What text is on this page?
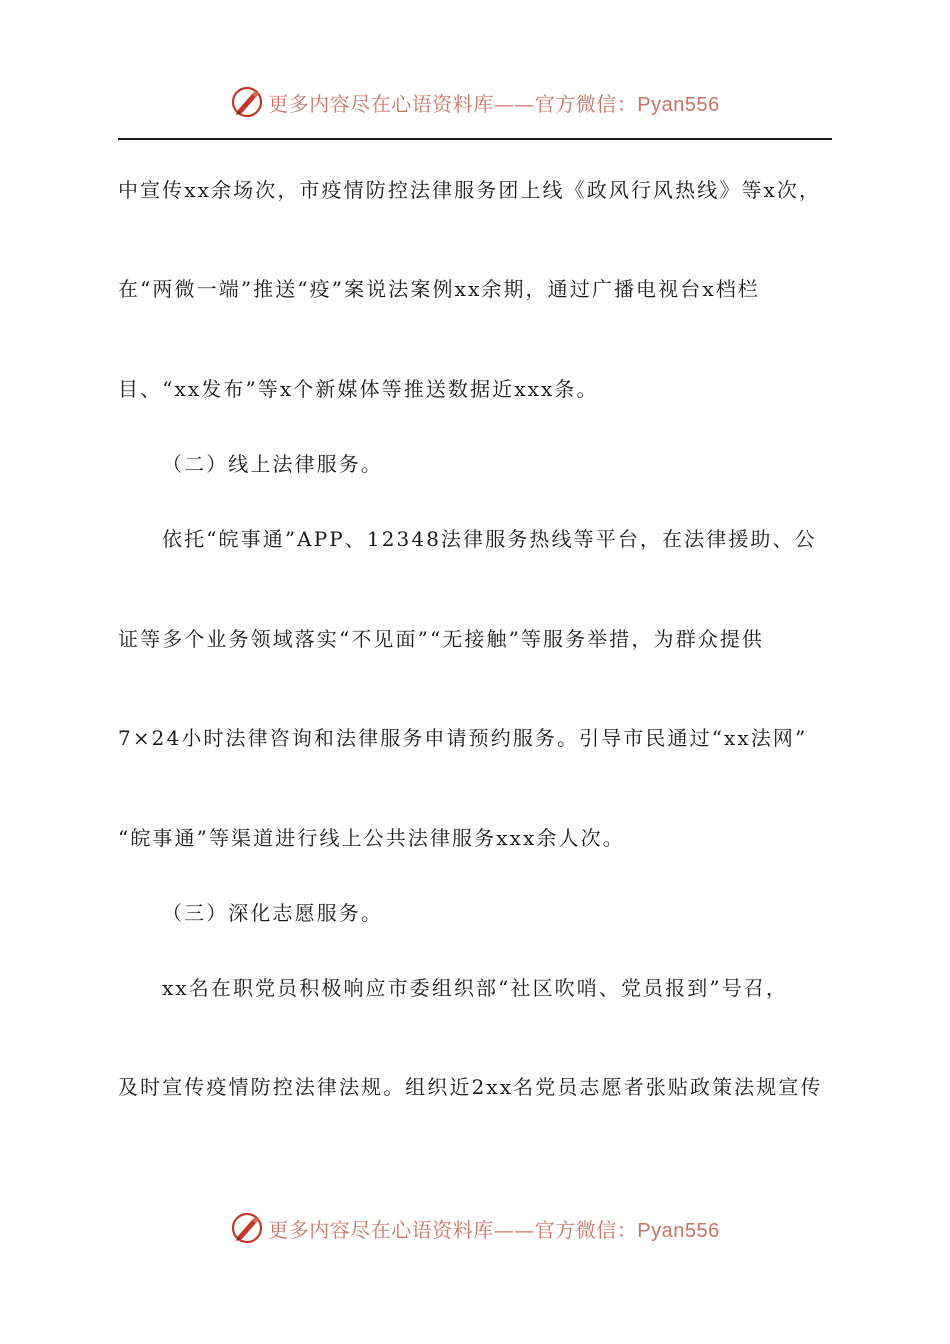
更多内容尽在心语资料库——官方微信：Pyan556
中宣传xx余场次，市疫情防控法律服务团上线《政风行风热线》等x次，
在“两微一端”推送“疫”案说法案例xx余期，通过广播电视台x档栏
目、“xx发布”等x个新媒体等推送数据近xxx条。
（二）线上法律服务。
依托“皖事通”APP、12348法律服务热线等平台，在法律援助、公
证等多个业务领域落实“不见面”“无接触”等服务举措，为群众提供
7×24小时法律咨询和法律服务申请预约服务。引导市民通过“xx法网”
“皖事通”等渠道进行线上公共法律服务xxx余人次。
（三）深化志愿服务。
xx名在职党员积极响应市委组织部“社区吹哨、党员报到”号召，
及时宣传疫情防控法律法规。组织近2xx名党员志愿者张贴政策法规宣传
更多内容尽在心语资料库——官方微信：Pyan556
